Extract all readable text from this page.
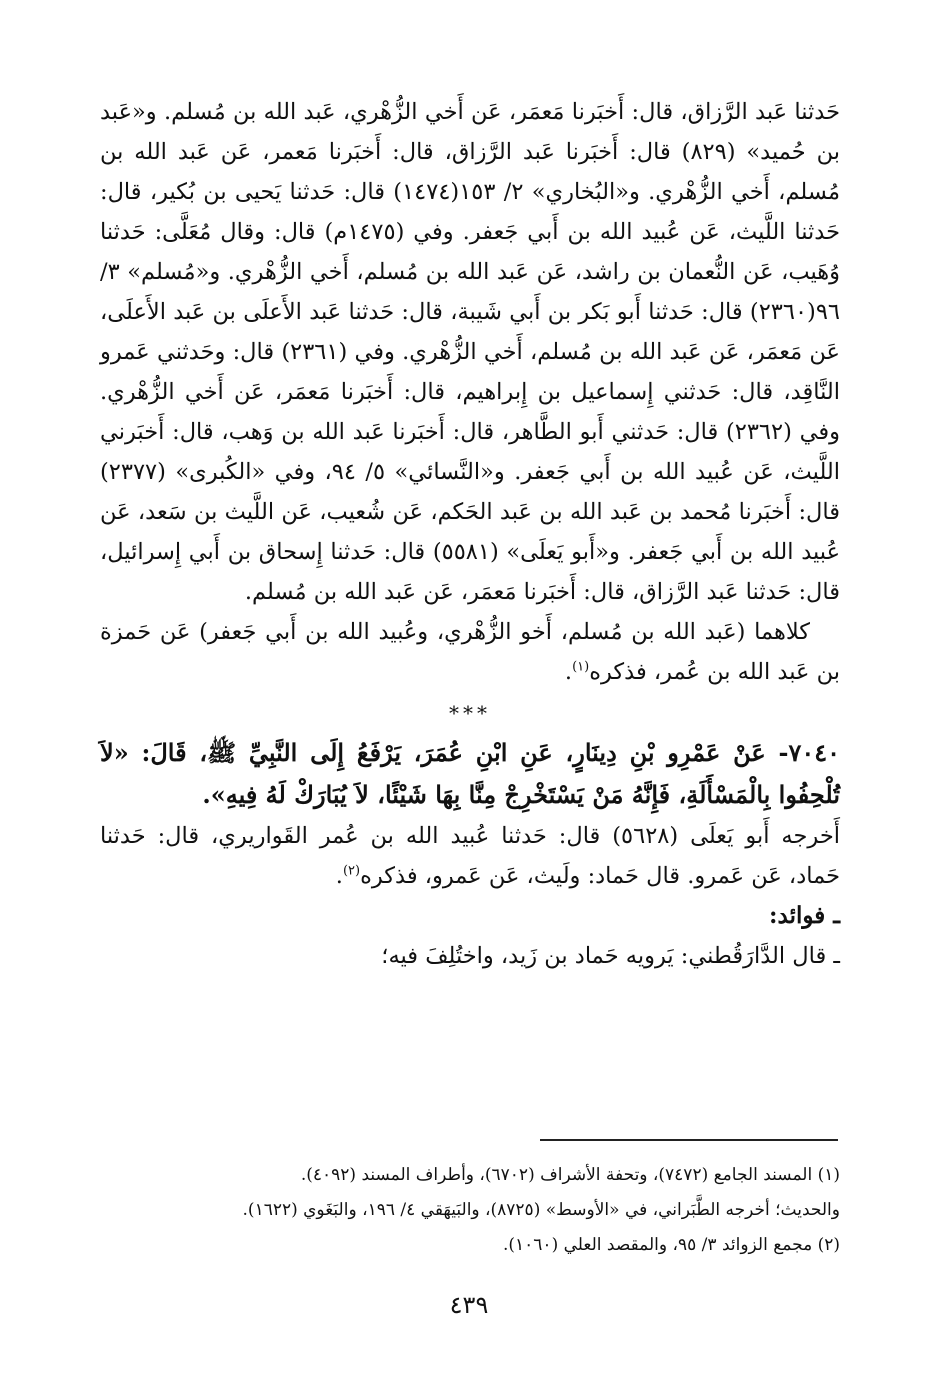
حَدثنا عَبد الرَّزاق، قال: أَخبَرنا مَعمَر، عَن أَخي الزُّهْري، عَبد الله بن مُسلم. و«عَبد بن حُميد» (٨٢٩) قال: أَخبَرنا عَبد الرَّزاق، قال: أَخبَرنا مَعمر، عَن عَبد الله بن مُسلم، أَخي الزُّهْري. و«البُخاري» ٢/ ١٥٣(١٤٧٤) قال: حَدثنا يَحيى بن بُكير، قال: حَدثنا اللَّيث، عَن عُبيد الله بن أَبي جَعفر. وفي (١٤٧٥م) قال: وقال مُعَلَّى: حَدثنا وُهَيب، عَن النُّعمان بن راشد، عَن عَبد الله بن مُسلم، أَخي الزُّهْري. و«مُسلم» ٣/ ٩٦(٢٣٦٠) قال: حَدثنا أَبو بَكر بن أَبي شَيبة، قال: حَدثنا عَبد الأَعلَى بن عَبد الأَعلَى، عَن مَعمَر، عَن عَبد الله بن مُسلم، أَخي الزُّهْري. وفي (٢٣٦١) قال: وحَدثني عَمرو النَّاقِد، قال: حَدثني إِسماعيل بن إِبراهيم، قال: أَخبَرنا مَعمَر، عَن أَخي الزُّهْري. وفي (٢٣٦٢) قال: حَدثني أَبو الطَّاهر، قال: أَخبَرنا عَبد الله بن وَهب، قال: أَخبَرني اللَّيث، عَن عُبيد الله بن أَبي جَعفر. و«النَّسائي» ٥/ ٩٤، وفي «الكُبرى» (٢٣٧٧) قال: أَخبَرنا مُحمد بن عَبد الله بن عَبد الحَكم، عَن شُعيب، عَن اللَّيث بن سَعد، عَن عُبيد الله بن أَبي جَعفر. و«أَبو يَعلَى» (٥٥٨١) قال: حَدثنا إِسحاق بن أَبي إِسرائيل، قال: حَدثنا عَبد الرَّزاق، قال: أَخبَرنا مَعمَر، عَن عَبد الله بن مُسلم.

كلاهما (عَبد الله بن مُسلم، أَخو الزُّهْري، وعُبيد الله بن أَبي جَعفر) عَن حَمزة بن عَبد الله بن عُمر، فذكره$^{(١)}$.

***

٧٠٤٠- عَنْ عَمْرِو بْنِ دِينَارٍ، عَنِ ابْنِ عُمَرَ، يَرْفَعُ إِلَى النَّبِيِّ ﷺ، قَالَ: «لاَ تُلْحِفُوا بِالْمَسْأَلَةِ، فَإِنَّهُ مَنْ يَسْتَخْرِجْ مِنَّا بِهَا شَيْئًا، لاَ يُبَارَكْ لَهُ فِيهِ».

أَخرجه أَبو يَعلَى (٥٦٢٨) قال: حَدثنا عُبيد الله بن عُمر القَواريري، قال: حَدثنا حَماد، عَن عَمرو. قال حَماد: ولَيث، عَن عَمرو، فذكره$^{(٢)}$.

ـ فوائد:

ـ قال الدَّارَقُطني: يَرويه حَماد بن زَيد، واختُلِفَ فيه؛

(١) المسند الجامع (٧٤٧٢)، وتحفة الأشراف (٦٧٠٢)، وأطراف المسند (٤٠٩٢).

والحديث؛ أخرجه الطَّبَراني، في «الأوسط» (٨٧٢٥)، والبَيهَقي ٤/ ١٩٦، والبَغَوي (١٦٢٢).

(٢) مجمع الزوائد ٣/ ٩٥، والمقصد العلي (١٠٦٠).

٤٣٩
